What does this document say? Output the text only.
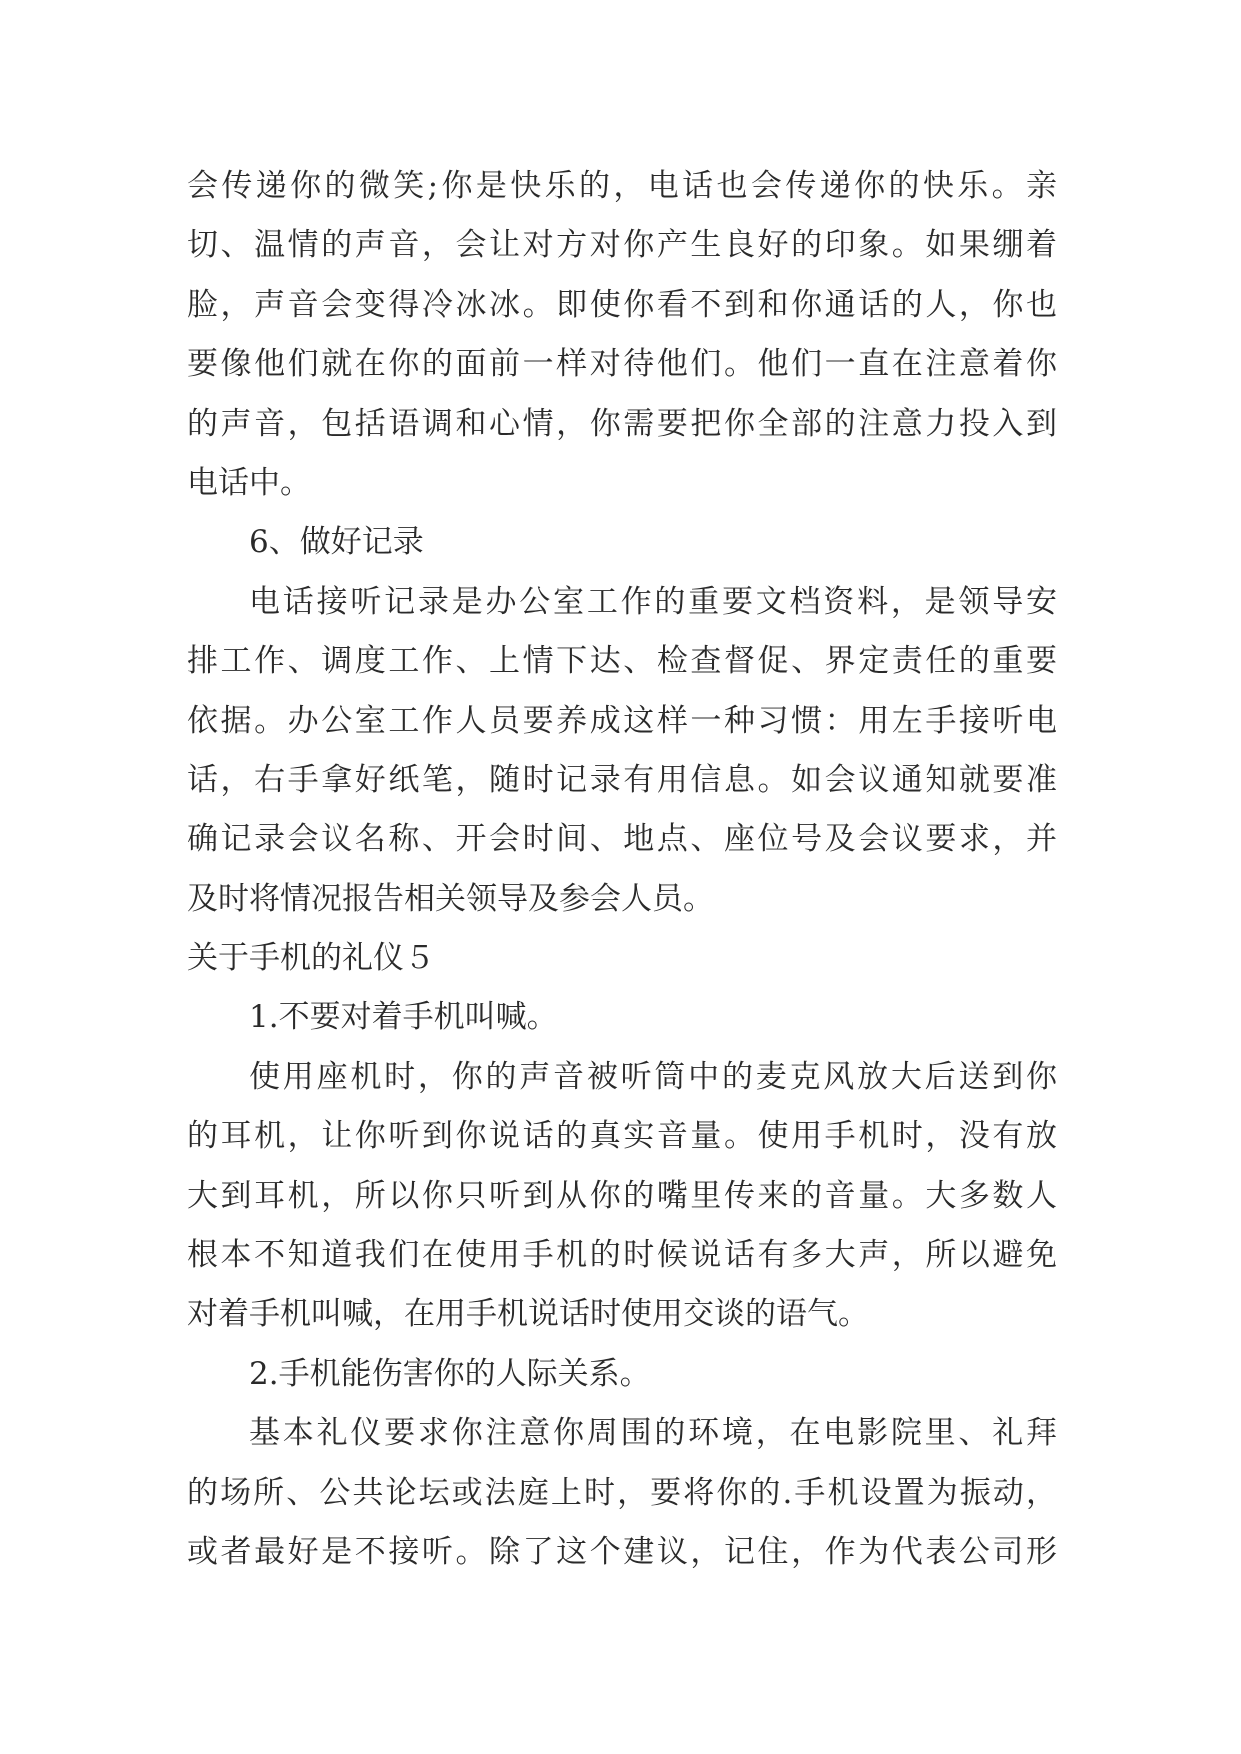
会传递你的微笑;你是快乐的，电话也会传递你的快乐。亲
切、温情的声音，会让对方对你产生良好的印象。如果绷着
脸，声音会变得冷冰冰。即使你看不到和你通话的人，你也
要像他们就在你的面前一样对待他们。他们一直在注意着你
的声音，包括语调和心情，你需要把你全部的注意力投入到
电话中。
6、做好记录
电话接听记录是办公室工作的重要文档资料，是领导安
排工作、调度工作、上情下达、检查督促、界定责任的重要
依据。办公室工作人员要养成这样一种习惯：用左手接听电
话，右手拿好纸笔，随时记录有用信息。如会议通知就要准
确记录会议名称、开会时间、地点、座位号及会议要求，并
及时将情况报告相关领导及参会人员。
关于手机的礼仪５
1.不要对着手机叫喊。
使用座机时，你的声音被听筒中的麦克风放大后送到你
的耳机，让你听到你说话的真实音量。使用手机时，没有放
大到耳机，所以你只听到从你的嘴里传来的音量。大多数人
根本不知道我们在使用手机的时候说话有多大声，所以避免
对着手机叫喊，在用手机说话时使用交谈的语气。
2.手机能伤害你的人际关系。
基本礼仪要求你注意你周围的环境，在电影院里、礼拜
的场所、公共论坛或法庭上时，要将你的.手机设置为振动，
或者最好是不接听。除了这个建议，记住，作为代表公司形
